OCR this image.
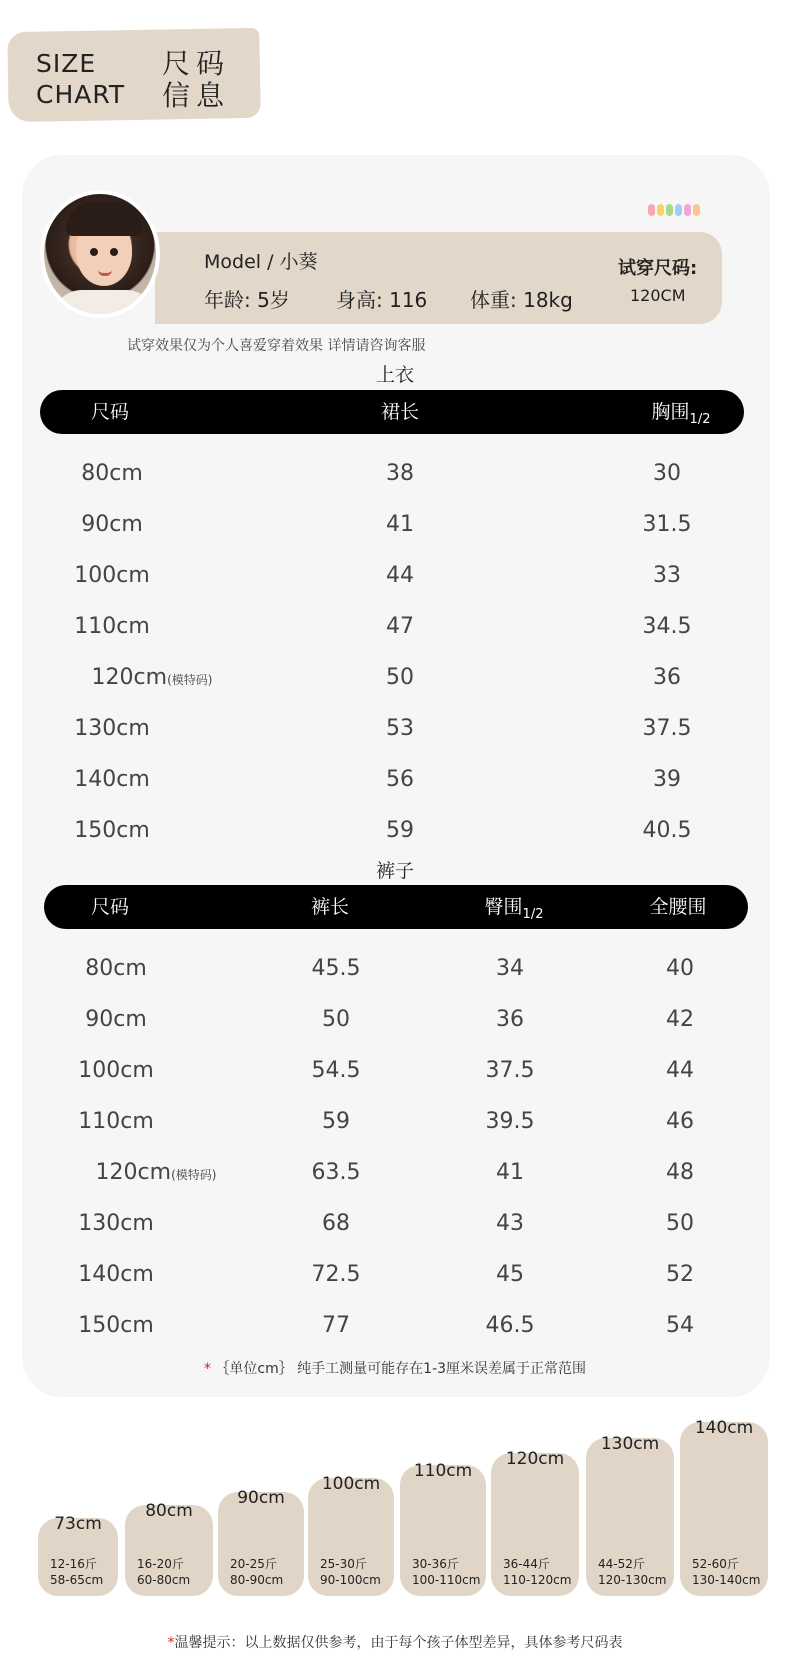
SIZE
CHART
尺码
信息
Model / 小葵
年龄: 5岁 身高: 116 体重: 18kg
试穿尺码:
120CM
试穿效果仅为个人喜爱穿着效果 详情请咨询客服
上衣
尺码	裙长	胸围$_{1/2}$
80cm	38	30
90cm	41	31.5
100cm	44	33
110cm	47	34.5
120cm(模特码)	50	36
130cm	53	37.5
140cm	56	39
150cm	59	40.5
裤子
尺码	裤长	臀围$_{1/2}$	全腰围
80cm	45.5	34	40
90cm	50	36	42
100cm	54.5	37.5	44
110cm	59	39.5	46
120cm(模特码)	63.5	41	48
130cm	68	43	50
140cm	72.5	45	52
150cm	77	46.5	54
* ｛单位cm｝ 纯手工测量可能存在1-3厘米误差属于正常范围
73cm
12-16斤
58-65cm
80cm
16-20斤
60-80cm
90cm
20-25斤
80-90cm
100cm
25-30斤
90-100cm
110cm
30-36斤
100-110cm
120cm
36-44斤
110-120cm
130cm
44-52斤
120-130cm
140cm
52-60斤
130-140cm
*温馨提示：以上数据仅供参考，由于每个孩子体型差异，具体参考尺码表
